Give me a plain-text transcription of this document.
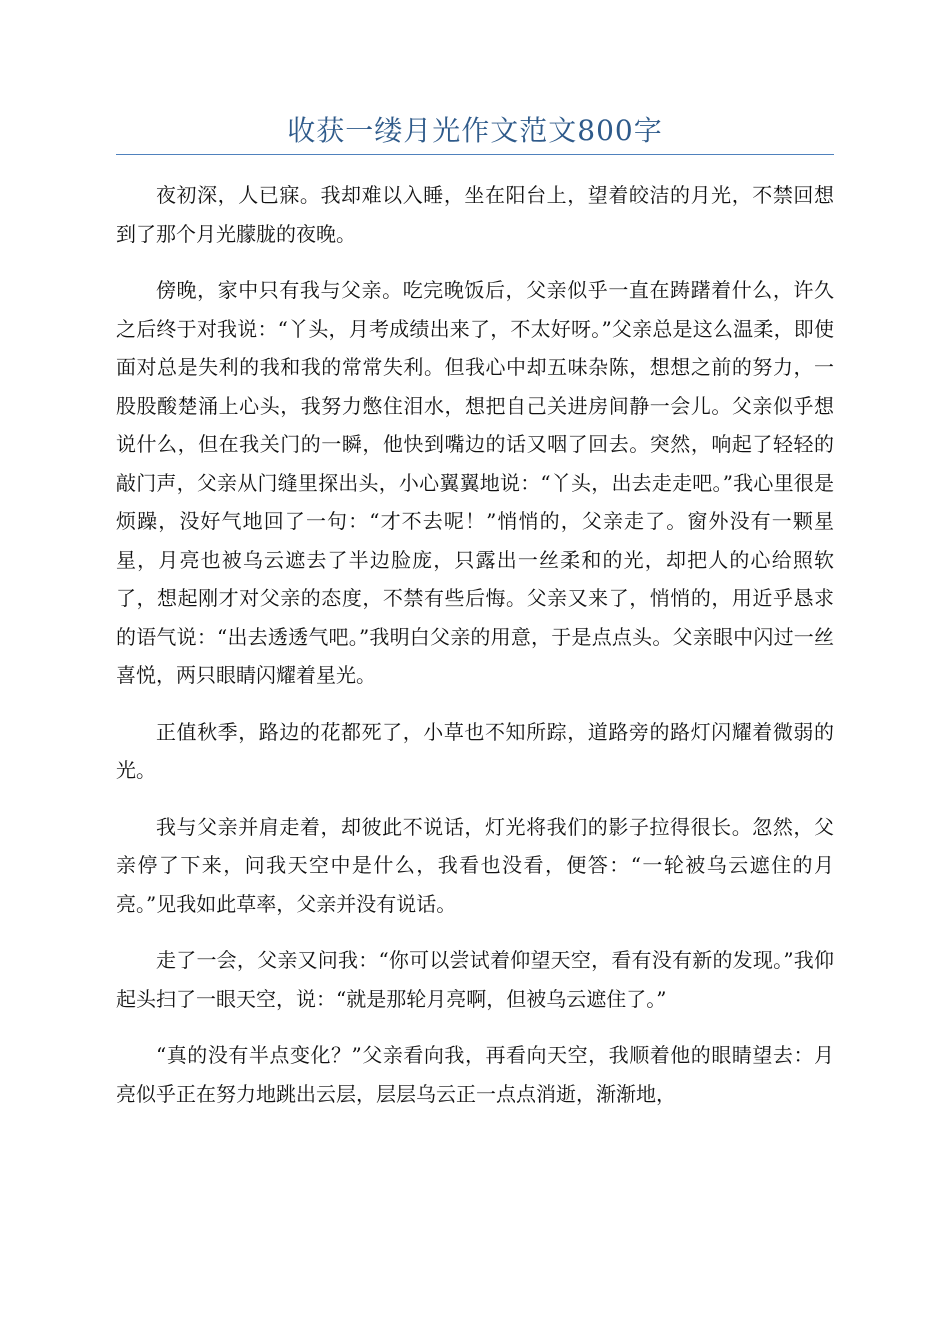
收获一缕月光作文范文800字

夜初深，人已寐。我却难以入睡，坐在阳台上，望着皎洁的月光，不禁回想到了那个月光朦胧的夜晚。

傍晚，家中只有我与父亲。吃完晚饭后，父亲似乎一直在踌躇着什么，许久之后终于对我说：“丫头，月考成绩出来了，不太好呀。”父亲总是这么温柔，即使面对总是失利的我和我的常常失利。但我心中却五味杂陈，想想之前的努力，一股股酸楚涌上心头，我努力憋住泪水，想把自己关进房间静一会儿。父亲似乎想说什么，但在我关门的一瞬，他快到嘴边的话又咽了回去。突然，响起了轻轻的敲门声，父亲从门缝里探出头，小心翼翼地说：“丫头，出去走走吧。”我心里很是烦躁，没好气地回了一句：“才不去呢！”悄悄的，父亲走了。窗外没有一颗星星，月亮也被乌云遮去了半边脸庞，只露出一丝柔和的光，却把人的心给照软了，想起刚才对父亲的态度，不禁有些后悔。父亲又来了，悄悄的，用近乎恳求的语气说：“出去透透气吧。”我明白父亲的用意，于是点点头。父亲眼中闪过一丝喜悦，两只眼睛闪耀着星光。

正值秋季，路边的花都死了，小草也不知所踪，道路旁的路灯闪耀着微弱的光。

我与父亲并肩走着，却彼此不说话，灯光将我们的影子拉得很长。忽然，父亲停了下来，问我天空中是什么，我看也没看，便答：“一轮被乌云遮住的月亮。”见我如此草率，父亲并没有说话。

走了一会，父亲又问我：“你可以尝试着仰望天空，看有没有新的发现。”我仰起头扫了一眼天空，说：“就是那轮月亮啊，但被乌云遮住了。”

“真的没有半点变化？”父亲看向我，再看向天空，我顺着他的眼睛望去：月亮似乎正在努力地跳出云层，层层乌云正一点点消逝，渐渐地，
